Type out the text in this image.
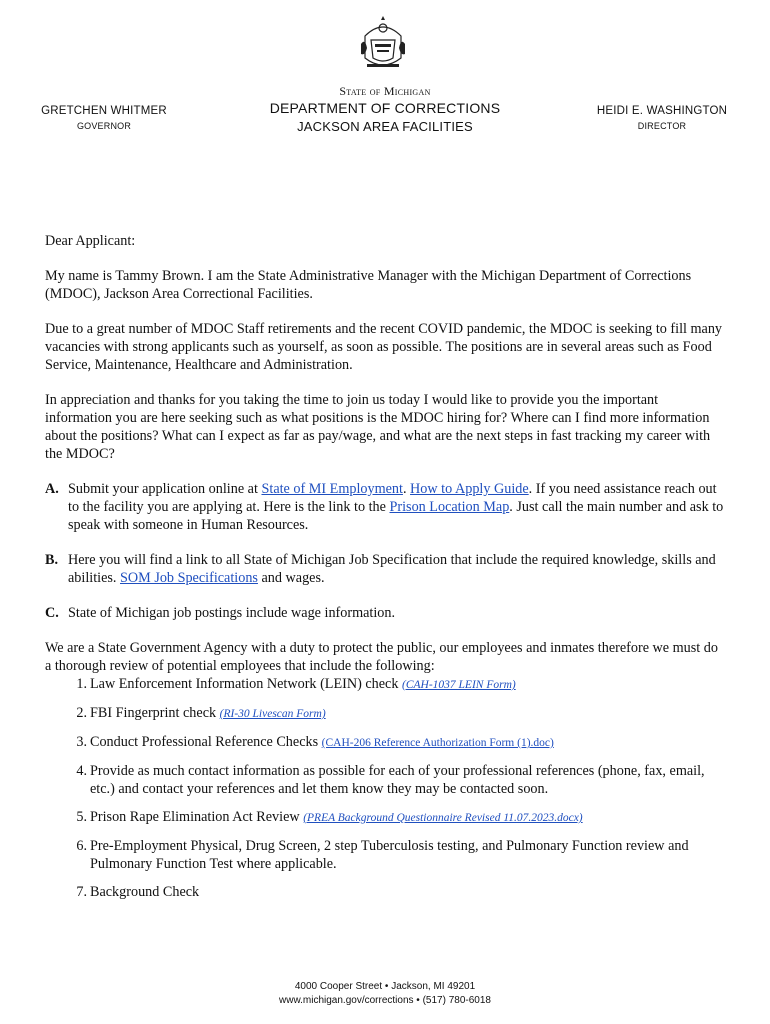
State of Michigan
DEPARTMENT OF CORRECTIONS
JACKSON AREA FACILITIES
GRETCHEN WHITMER
GOVERNOR
HEIDI E. WASHINGTON
DIRECTOR

Dear Applicant:

My name is Tammy Brown. I am the State Administrative Manager with the Michigan Department of Corrections (MDOC), Jackson Area Correctional Facilities.

Due to a great number of MDOC Staff retirements and the recent COVID pandemic, the MDOC is seeking to fill many vacancies with strong applicants such as yourself, as soon as possible. The positions are in several areas such as Food Service, Maintenance, Healthcare and Administration.

In appreciation and thanks for you taking the time to join us today I would like to provide you the important information you are here seeking such as what positions is the MDOC hiring for? Where can I find more information about the positions? What can I expect as far as pay/wage, and what are the next steps in fast tracking my career with the MDOC?

A. Submit your application online at State of MI Employment. How to Apply Guide. If you need assistance reach out to the facility you are applying at. Here is the link to the Prison Location Map. Just call the main number and ask to speak with someone in Human Resources.
B. Here you will find a link to all State of Michigan Job Specification that include the required knowledge, skills and abilities. SOM Job Specifications and wages.
C. State of Michigan job postings include wage information.

We are a State Government Agency with a duty to protect the public, our employees and inmates therefore we must do a thorough review of potential employees that include the following:

1. Law Enforcement Information Network (LEIN) check (CAH-1037 LEIN Form)
2. FBI Fingerprint check (RI-30 Livescan Form)
3. Conduct Professional Reference Checks (CAH-206 Reference Authorization Form (1).doc)
4. Provide as much contact information as possible for each of your professional references (phone, fax, email, etc.) and contact your references and let them know they may be contacted soon.
5. Prison Rape Elimination Act Review (PREA Background Questionnaire Revised 11.07.2023.docx)
6. Pre-Employment Physical, Drug Screen, 2 step Tuberculosis testing, and Pulmonary Function review and Pulmonary Function Test where applicable.
7. Background Check
4000 Cooper Street • Jackson, MI 49201
www.michigan.gov/corrections • (517) 780-6018
